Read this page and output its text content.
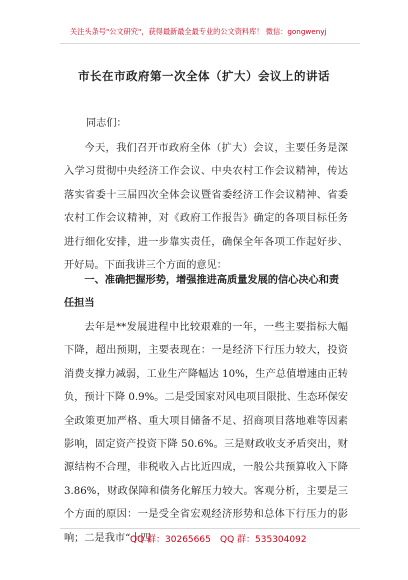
关注头条号"公文研究"，获得最新最全最专业的公文资料库！ 微信：gongwenyj
市长在市政府第一次全体（扩大）会议上的讲话
同志们：

今天，我们召开市政府全体（扩大）会议，主要任务是深入学习贯彻中央经济工作会议、中央农村工作会议精神，传达落实省委十三届四次全体会议暨省委经济工作会议精神、省委农村工作会议精神，对《政府工作报告》确定的各项目标任务进行细化安排，进一步靠实责任，确保全年各项工作起好步、开好局。下面我讲三个方面的意见：

一、准确把握形势，增强推进高质量发展的信心决心和责任担当

去年是**发展进程中比较艰难的一年，一些主要指标大幅下降，超出预期，主要表现在：一是经济下行压力较大，投资消费支撑力减弱，工业生产降幅达 10%，生产总值增速由正转负，预计下降 0.9%。二是受国家对风电项目限批、生态环保安全政策更加严格、重大项目储备不足、招商项目落地难等因素影响，固定资产投资下降 50.6%。三是财政收支矛盾突出，财源结构不合理，非税收入占比近四成，一般公共预算收入下降 3.86%，财政保障和债务化解压力较大。客观分析，主要是三个方面的原因：一是受全省宏观经济形势和总体下行压力的影响；二是我市“十四

QQ 群：30265665 QQ 群：535304092
